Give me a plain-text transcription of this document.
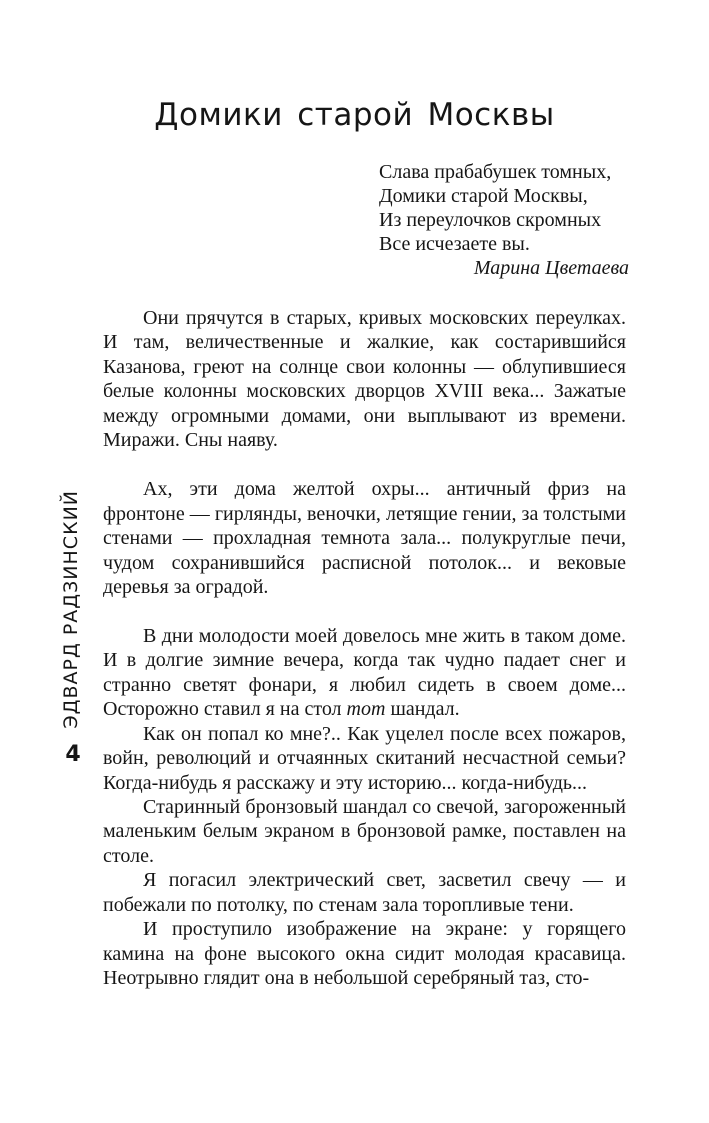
Домики старой Москвы
Слава прабабушек томных,
Домики старой Москвы,
Из переулочков скромных
Все исчезаете вы.
Марина Цветаева
ЭДВАРД РАДЗИНСКИЙ
4

Они прячутся в старых, кривых московских переулках. И там, величественные и жалкие, как состарившийся Казанова, греют на солнце свои колонны — облупившиеся белые колонны московских дворцов XVIII века... Зажатые между огромными домами, они выплывают из времени. Миражи. Сны наяву.

Ах, эти дома желтой охры... античный фриз на фронтоне — гирлянды, веночки, летящие гении, за толстыми стенами — прохладная темнота зала... полукруглые печи, чудом сохранившийся расписной потолок... и вековые деревья за оградой.

В дни молодости моей довелось мне жить в таком доме. И в долгие зимние вечера, когда так чудно падает снег и странно светят фонари, я любил сидеть в своем доме... Осторожно ставил я на стол тот шандал.

Как он попал ко мне?.. Как уцелел после всех пожаров, войн, революций и отчаянных скитаний несчастной семьи? Когда-нибудь я расскажу и эту историю... когда-нибудь...

Старинный бронзовый шандал со свечой, загороженный маленьким белым экраном в бронзовой рамке, поставлен на столе.

Я погасил электрический свет, засветил свечу — и побежали по потолку, по стенам зала торопливые тени.

И проступило изображение на экране: у горящего камина на фоне высокого окна сидит молодая красавица. Неотрывно глядит она в небольшой серебряный таз, сто-
